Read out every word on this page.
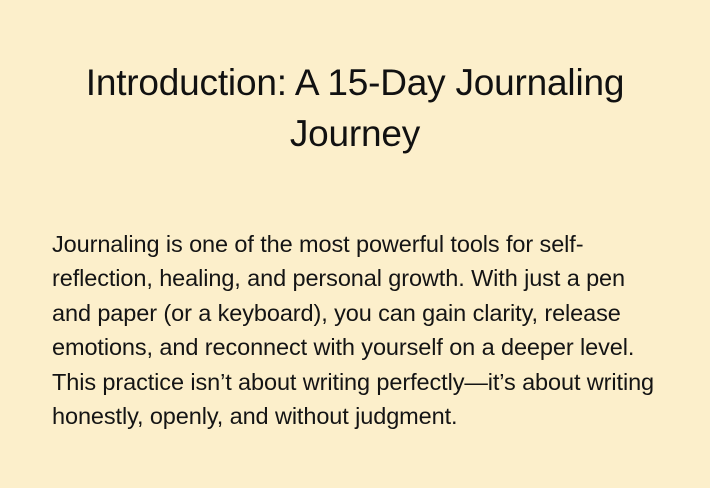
Introduction: A 15-Day Journaling Journey

Journaling is one of the most powerful tools for self-reflection, healing, and personal growth. With just a pen and paper (or a keyboard), you can gain clarity, release emotions, and reconnect with yourself on a deeper level. This practice isn’t about writing perfectly—it’s about writing honestly, openly, and without judgment.
